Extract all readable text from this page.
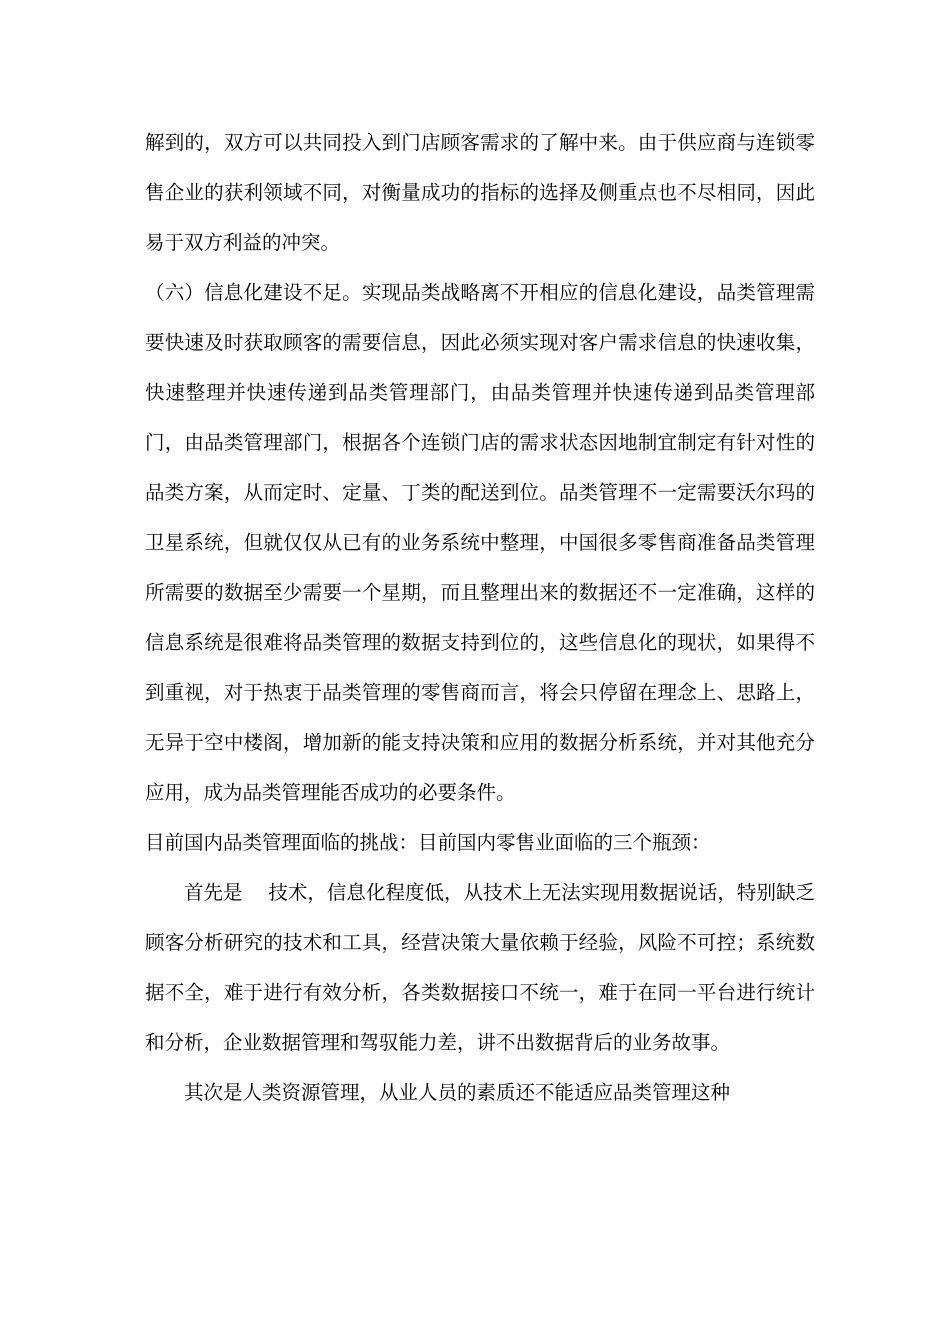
解到的，双方可以共同投入到门店顾客需求的了解中来。由于供应商与连锁零售企业的获利领域不同，对衡量成功的指标的选择及侧重点也不尽相同，因此易于双方利益的冲突。

（六）信息化建设不足。实现品类战略离不开相应的信息化建设，品类管理需要快速及时获取顾客的需要信息，因此必须实现对客户需求信息的快速收集，快速整理并快速传递到品类管理部门，由品类管理并快速传递到品类管理部门，由品类管理部门，根据各个连锁门店的需求状态因地制宜制定有针对性的品类方案，从而定时、定量、丁类的配送到位。品类管理不一定需要沃尔玛的卫星系统，但就仅仅从已有的业务系统中整理，中国很多零售商准备品类管理所需要的数据至少需要一个星期，而且整理出来的数据还不一定准确，这样的信息系统是很难将品类管理的数据支持到位的，这些信息化的现状，如果得不到重视，对于热衷于品类管理的零售商而言，将会只停留在理念上、思路上，无异于空中楼阁，增加新的能支持决策和应用的数据分析系统，并对其他充分应用，成为品类管理能否成功的必要条件。

目前国内品类管理面临的挑战：目前国内零售业面临的三个瓶颈：

首先是　 技术，信息化程度低，从技术上无法实现用数据说话，特别缺乏顾客分析研究的技术和工具，经营决策大量依赖于经验，风险不可控；系统数据不全，难于进行有效分析，各类数据接口不统一，难于在同一平台进行统计和分析，企业数据管理和驾驭能力差，讲不出数据背后的业务故事。

其次是人类资源管理，从业人员的素质还不能适应品类管理这种
